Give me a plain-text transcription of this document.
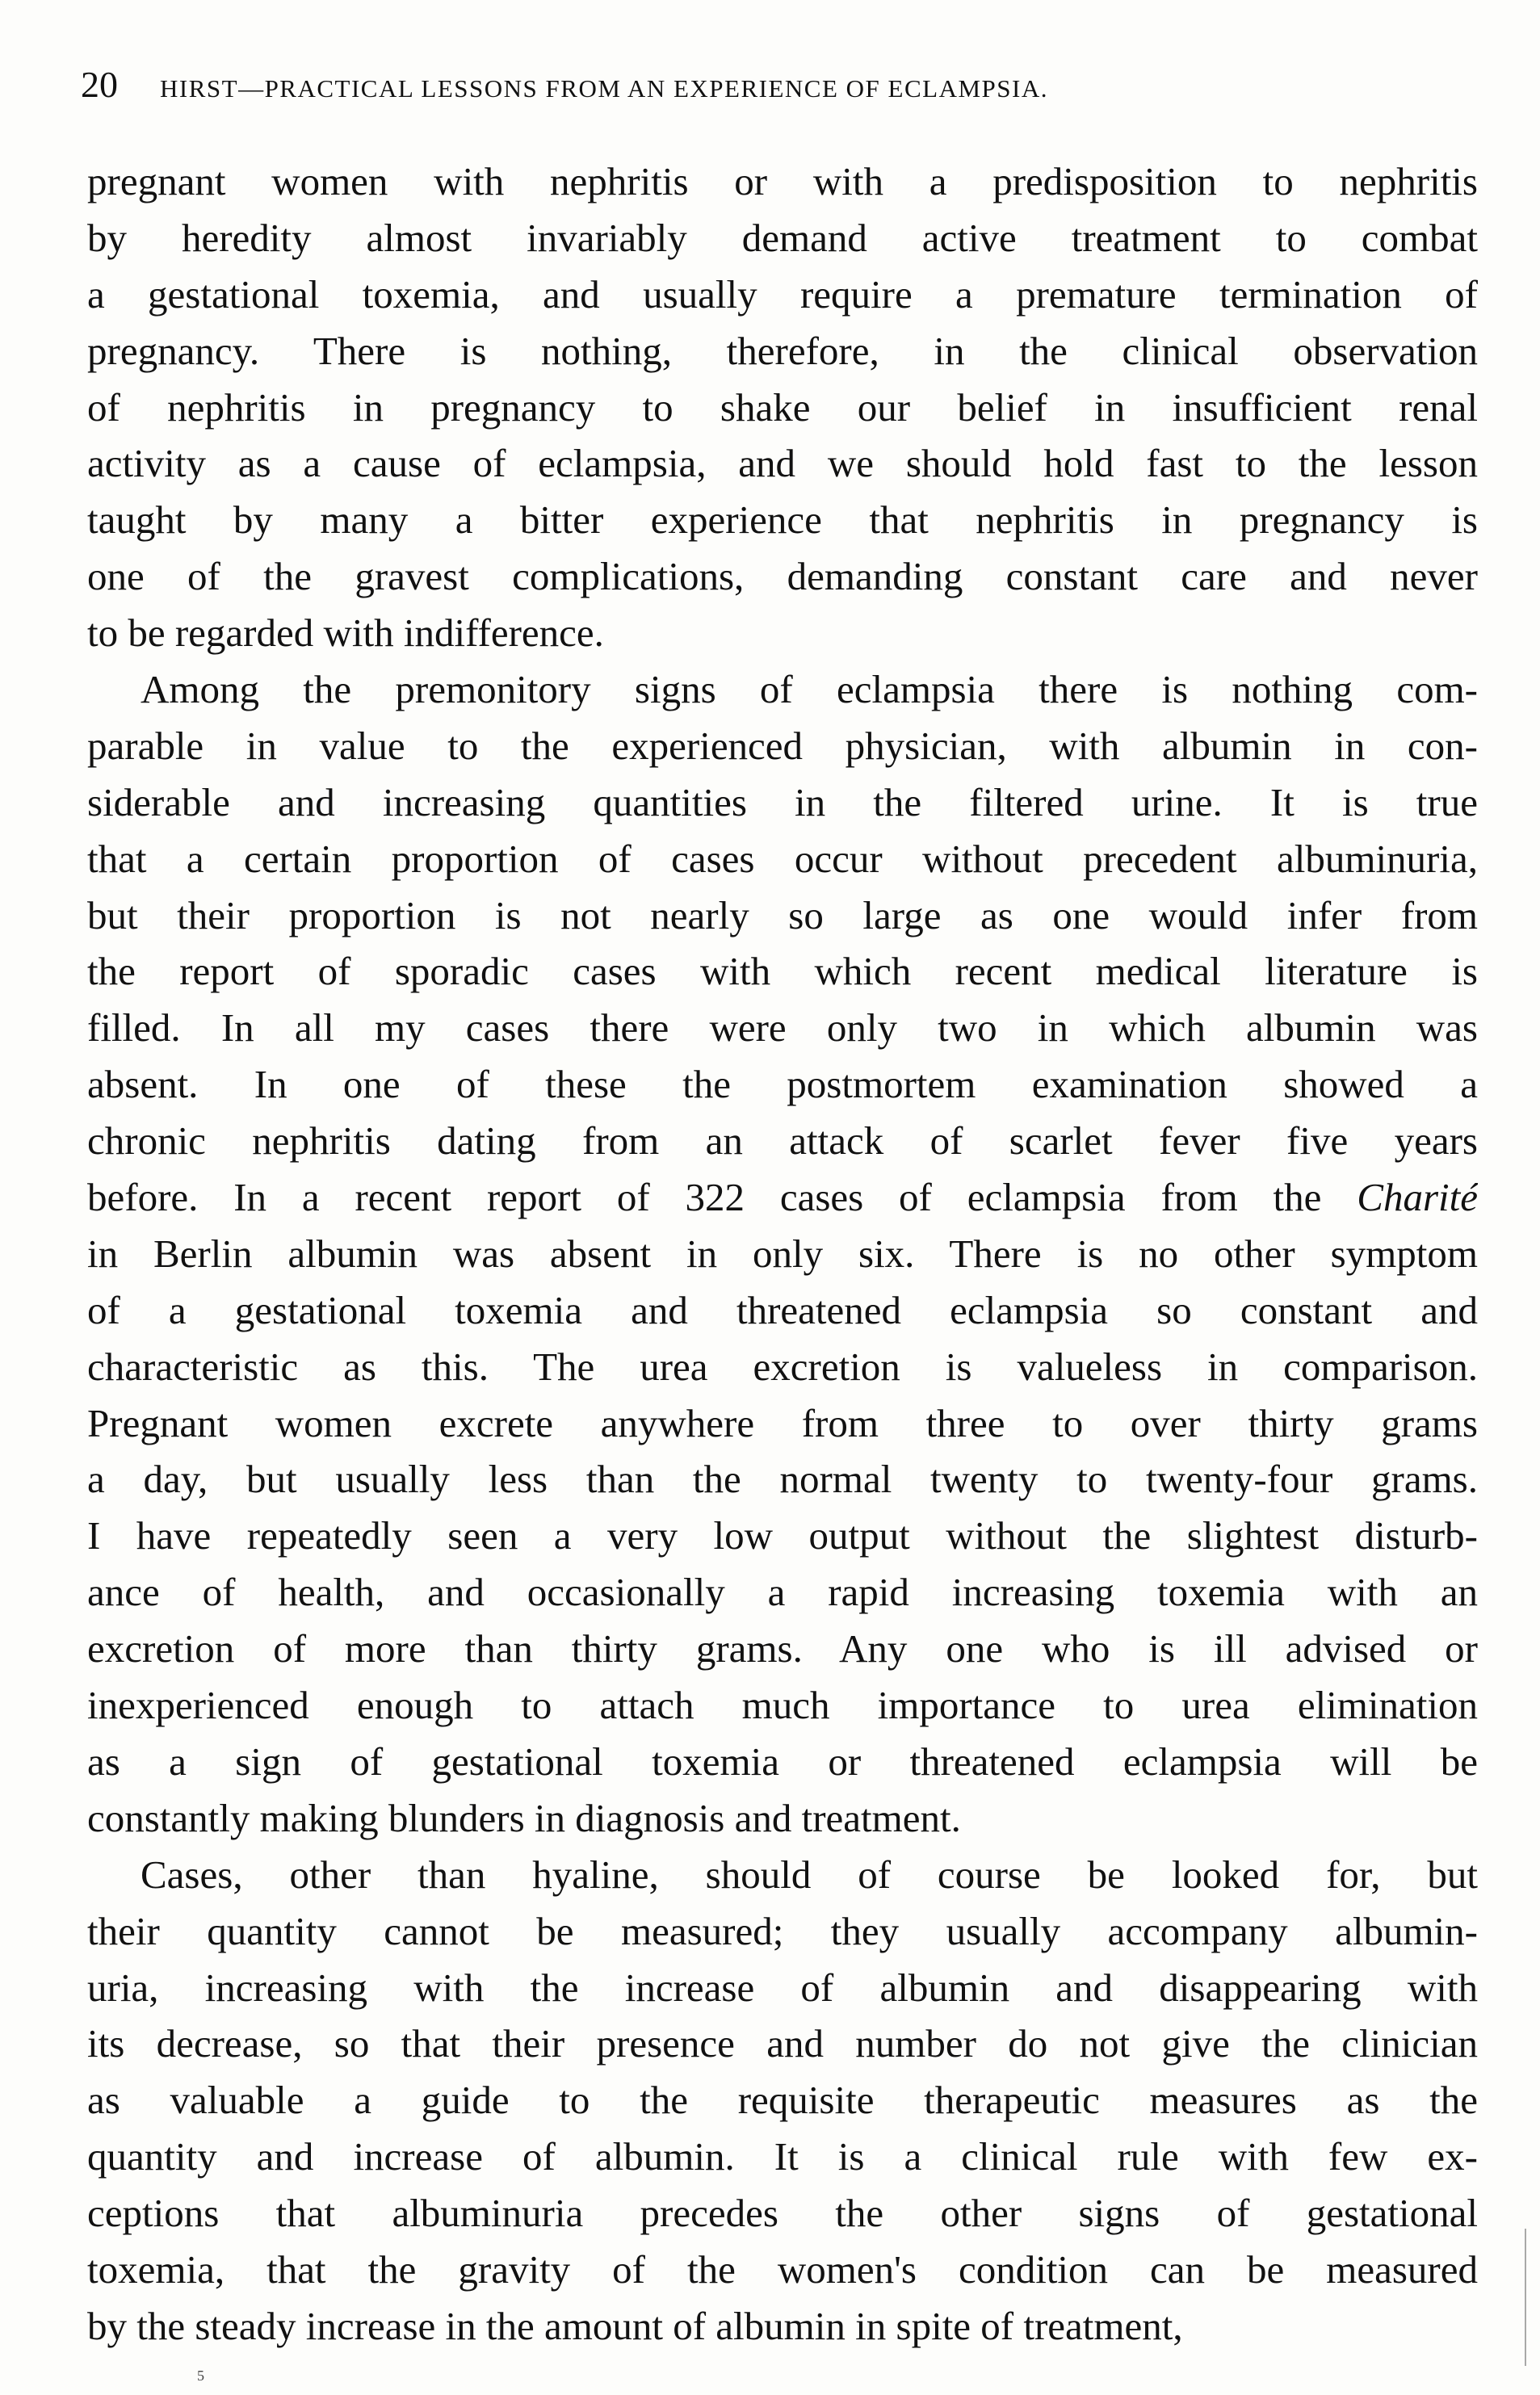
20 HIRST—PRACTICAL LESSONS FROM AN EXPERIENCE OF ECLAMPSIA.
pregnant women with nephritis or with a predisposition to nephritis
by heredity almost invariably demand active treatment to combat
a gestational toxemia, and usually require a premature termination of
pregnancy. There is nothing, therefore, in the clinical observation
of nephritis in pregnancy to shake our belief in insufficient renal
activity as a cause of eclampsia, and we should hold fast to the lesson
taught by many a bitter experience that nephritis in pregnancy is
one of the gravest complications, demanding constant care and never
to be regarded with indifference.
Among the premonitory signs of eclampsia there is nothing com-
parable in value to the experienced physician, with albumin in con-
siderable and increasing quantities in the filtered urine. It is true
that a certain proportion of cases occur without precedent albuminuria,
but their proportion is not nearly so large as one would infer from
the report of sporadic cases with which recent medical literature is
filled. In all my cases there were only two in which albumin was
absent. In one of these the postmortem examination showed a
chronic nephritis dating from an attack of scarlet fever five years
before. In a recent report of 322 cases of eclampsia from the Charité
in Berlin albumin was absent in only six. There is no other symptom
of a gestational toxemia and threatened eclampsia so constant and
characteristic as this. The urea excretion is valueless in comparison.
Pregnant women excrete anywhere from three to over thirty grams
a day, but usually less than the normal twenty to twenty-four grams.
I have repeatedly seen a very low output without the slightest disturb-
ance of health, and occasionally a rapid increasing toxemia with an
excretion of more than thirty grams. Any one who is ill advised or
inexperienced enough to attach much importance to urea elimination
as a sign of gestational toxemia or threatened eclampsia will be
constantly making blunders in diagnosis and treatment.
Cases, other than hyaline, should of course be looked for, but
their quantity cannot be measured; they usually accompany albumin-
uria, increasing with the increase of albumin and disappearing with
its decrease, so that their presence and number do not give the clinician
as valuable a guide to the requisite therapeutic measures as the
quantity and increase of albumin. It is a clinical rule with few ex-
ceptions that albuminuria precedes the other signs of gestational
toxemia, that the gravity of the women's condition can be measured
by the steady increase in the amount of albumin in spite of treatment,
5
